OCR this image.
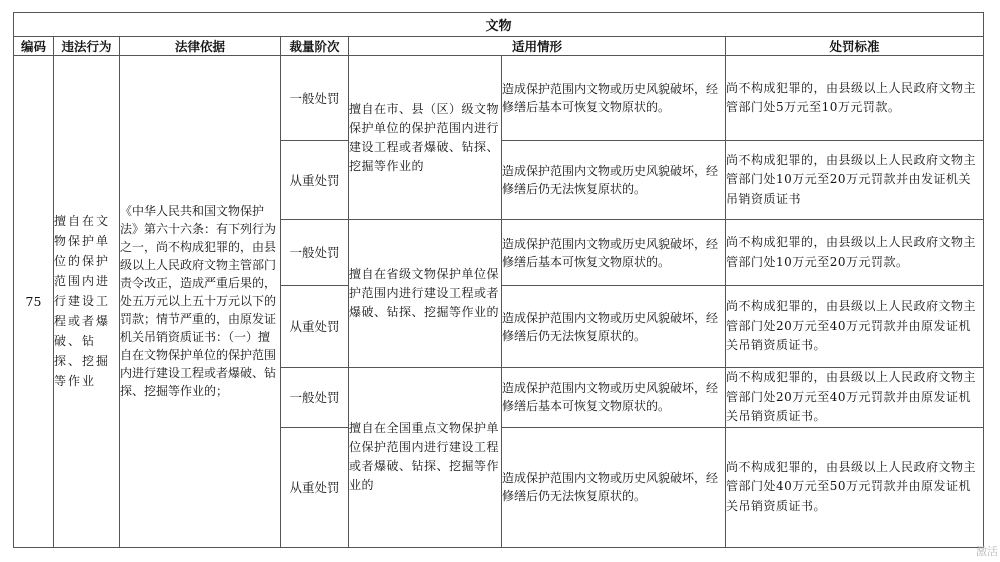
文物						
编码	违法行为	法律依据	裁量阶次	适用情形		处罚标准
75	擅自在文物保护单位的保护范围内进行建设工程或者爆破、钻探、挖掘等作业	《中华人民共和国文物保护法》第六十六条：有下列行为之一，尚不构成犯罪的，由县级以上人民政府文物主管部门责令改正，造成严重后果的，处五万元以上五十万元以下的罚款；情节严重的，由原发证机关吊销资质证书：（一）擅自在文物保护单位的保护范围内进行建设工程或者爆破、钻探、挖掘等作业的；	一般处罚	擅自在市、县（区）级文物保护单位的保护范围内进行建设工程或者爆破、钻探、挖掘等作业的	造成保护范围内文物或历史风貌破坏，经修缮后基本可恢复文物原状的。	尚不构成犯罪的，由县级以上人民政府文物主管部门处5万元至10万元罚款。
			从重处罚		造成保护范围内文物或历史风貌破坏，经修缮后仍无法恢复原状的。	尚不构成犯罪的，由县级以上人民政府文物主管部门处10万元至20万元罚款并由发证机关吊销资质证书
			一般处罚	擅自在省级文物保护单位保护范围内进行建设工程或者爆破、钻探、挖掘等作业的	造成保护范围内文物或历史风貌破坏，经修缮后基本可恢复文物原状的。	尚不构成犯罪的，由县级以上人民政府文物主管部门处10万元至20万元罚款。
			从重处罚		造成保护范围内文物或历史风貌破坏，经修缮后仍无法恢复原状的。	尚不构成犯罪的，由县级以上人民政府文物主管部门处20万元至40万元罚款并由原发证机关吊销资质证书。
			一般处罚	擅自在全国重点文物保护单位保护范围内进行建设工程或者爆破、钻探、挖掘等作业的	造成保护范围内文物或历史风貌破坏，经修缮后基本可恢复文物原状的。	尚不构成犯罪的，由县级以上人民政府文物主管部门处20万元至40万元罚款并由原发证机关吊销资质证书。
			从重处罚		造成保护范围内文物或历史风貌破坏，经修缮后仍无法恢复原状的。	尚不构成犯罪的，由县级以上人民政府文物主管部门处40万元至50万元罚款并由原发证机关吊销资质证书。
激活
